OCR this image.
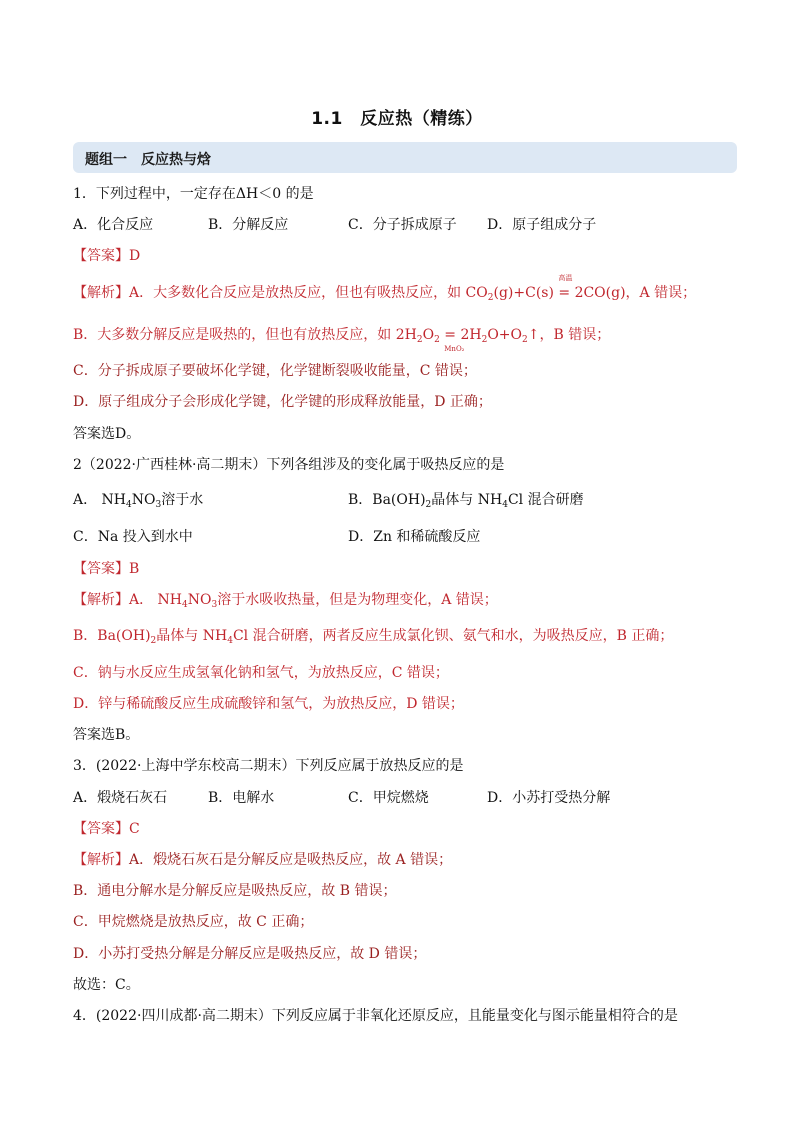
1.1　反应热（精练）
题组一　反应热与焓
1．下列过程中，一定存在ΔH＜0 的是
A．化合反应	B．分解反应	C．分子拆成原子 D．原子组成分子
【答案】D
【解析】A．大多数化合反应是放热反应，但也有吸热反应，如 $CO_2(g)+C(s)$
高温
= 2CO(g)，A 错误；
B．大多数分解反应是吸热的，但也有放热反应，如 $2H_2O_2$ =
MnO₂
$2H_2O+O_2↑$，B 错误；
C．分子拆成原子要破坏化学键，化学键断裂吸收能量，C 错误；
D．原子组成分子会形成化学键，化学键的形成释放能量，D 正确；
答案选D。
2（2022·广西桂林·高二期末）下列各组涉及的变化属于吸热反应的是
A． $NH_4NO_3$溶于水	B．$Ba(OH)_2$晶体与 $NH_4Cl$ 混合研磨
C．Na 投入到水中	D．Zn 和稀硫酸反应
【答案】B
【解析】A． $NH_4NO_3$溶于水吸收热量，但是为物理变化，A 错误；
B．$Ba(OH)_2$晶体与 $NH_4Cl$ 混合研磨，两者反应生成氯化钡、氨气和水，为吸热反应，B 正确；
C．钠与水反应生成氢氧化钠和氢气，为放热反应，C 错误；
D．锌与稀硫酸反应生成硫酸锌和氢气，为放热反应，D 错误；
答案选B。
3．(2022·上海中学东校高二期末）下列反应属于放热反应的是
A．煅烧石灰石	B．电解水	C．甲烷燃烧	D．小苏打受热分解
【答案】C
【解析】A．煅烧石灰石是分解反应是吸热反应，故 A 错误；
B．通电分解水是分解反应是吸热反应，故 B 错误；
C．甲烷燃烧是放热反应，故 C 正确；
D．小苏打受热分解是分解反应是吸热反应，故 D 错误；
故选：C。
4．(2022·四川成都·高二期末）下列反应属于非氧化还原反应，且能量变化与图示能量相符合的是
